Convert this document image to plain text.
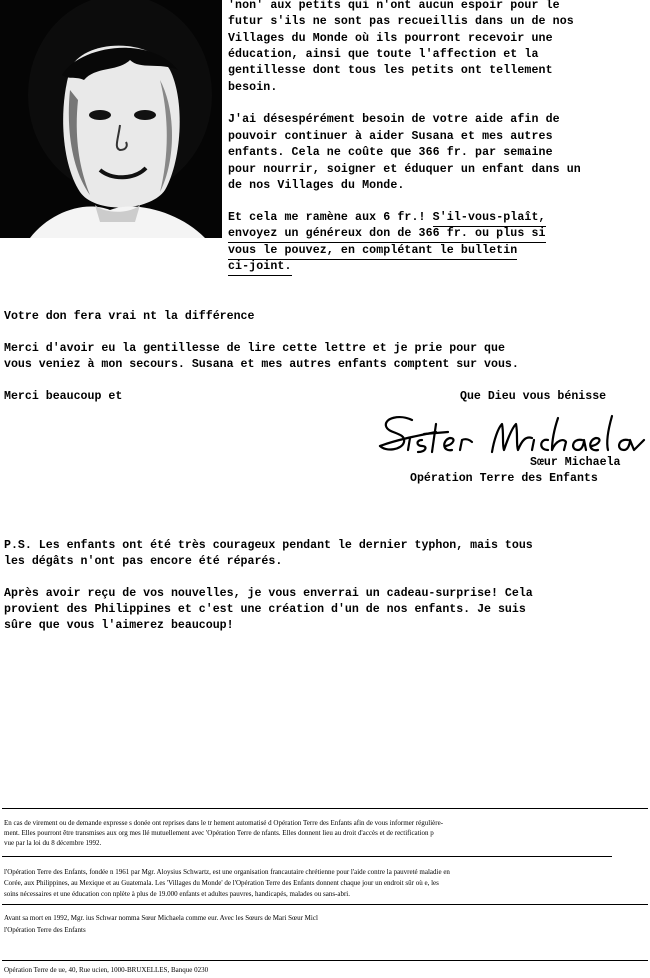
'non' aux petits qui n'ont aucun espoir pour le
futur s'ils ne sont pas recueillis dans un de nos
Villages du Monde où ils pourront recevoir une
éducation, ainsi que toute l'affection et la
gentillesse dont tous les petits ont tellement
besoin.
J'ai désespérément besoin de votre aide afin de
pouvoir continuer à aider Susana et mes autres
enfants. Cela ne coûte que 366 fr. par semaine
pour nourrir, soigner et éduquer un enfant dans un
de nos Villages du Monde.
Et cela me ramène aux 6 fr.! S'il-vous-plaît,
envoyez un généreux don de 366 fr. ou plus si
vous le pouvez, en complétant le bulletin
ci-joint.
Votre don fera vrai nt la différence
Merci d'avoir eu la gentillesse de lire cette lettre et je prie pour que
vous veniez à mon secours. Susana et mes autres enfants comptent sur vous.
Merci beaucoup et	Que Dieu vous bénisse
Sœur Michaela
Opération Terre des Enfants
P.S. Les enfants ont été très courageux pendant le dernier typhon, mais tous
les dégâts n'ont pas encore été réparés.
Après avoir reçu de vos nouvelles, je vous enverrai un cadeau-surprise! Cela
provient des Philippines et c'est une création d'un de nos enfants. Je suis
sûre que vous l'aimerez beaucoup!
En cas de virement ou de demande expresse s donée ont reprises dans le tr hement automatisé d Opération Terre des Enfants afin de vous informer régulière-
ment. Elles pourront être transmises aux org mes llé mutuellement avec 'Opération Terre de nfants. Elles donnent lieu au droit d'accès et de rectification p
vue par la loi du 8 décembre 1992.
l'Opération Terre des Enfants, fondée n 1961 par Mgr. Aloysius Schwartz, est une organisation francautaire chrétienne pour l'aide contre la pauvreté maladie en
Corée, aux Philippines, au Mexique et au Guatemala. Les 'Villages du Monde' de l'Opération Terre des Enfants donnent chaque jour un endroit sûr où e, les
soins nécessaires et une éducation con nplète à plus de 19.000 enfants et adultes pauvres, handicapés, malades ou sans-abri.
Avant sa mort en 1992, Mgr. ius Schwar nomma Sœur Michaela comme eur. Avec les Sœurs de Mari Sœur Micl
l'Opération Terre des Enfants
Opération Terre de ue, 40, Rue ucien, 1000-BRUXELLES, Banque 0230
